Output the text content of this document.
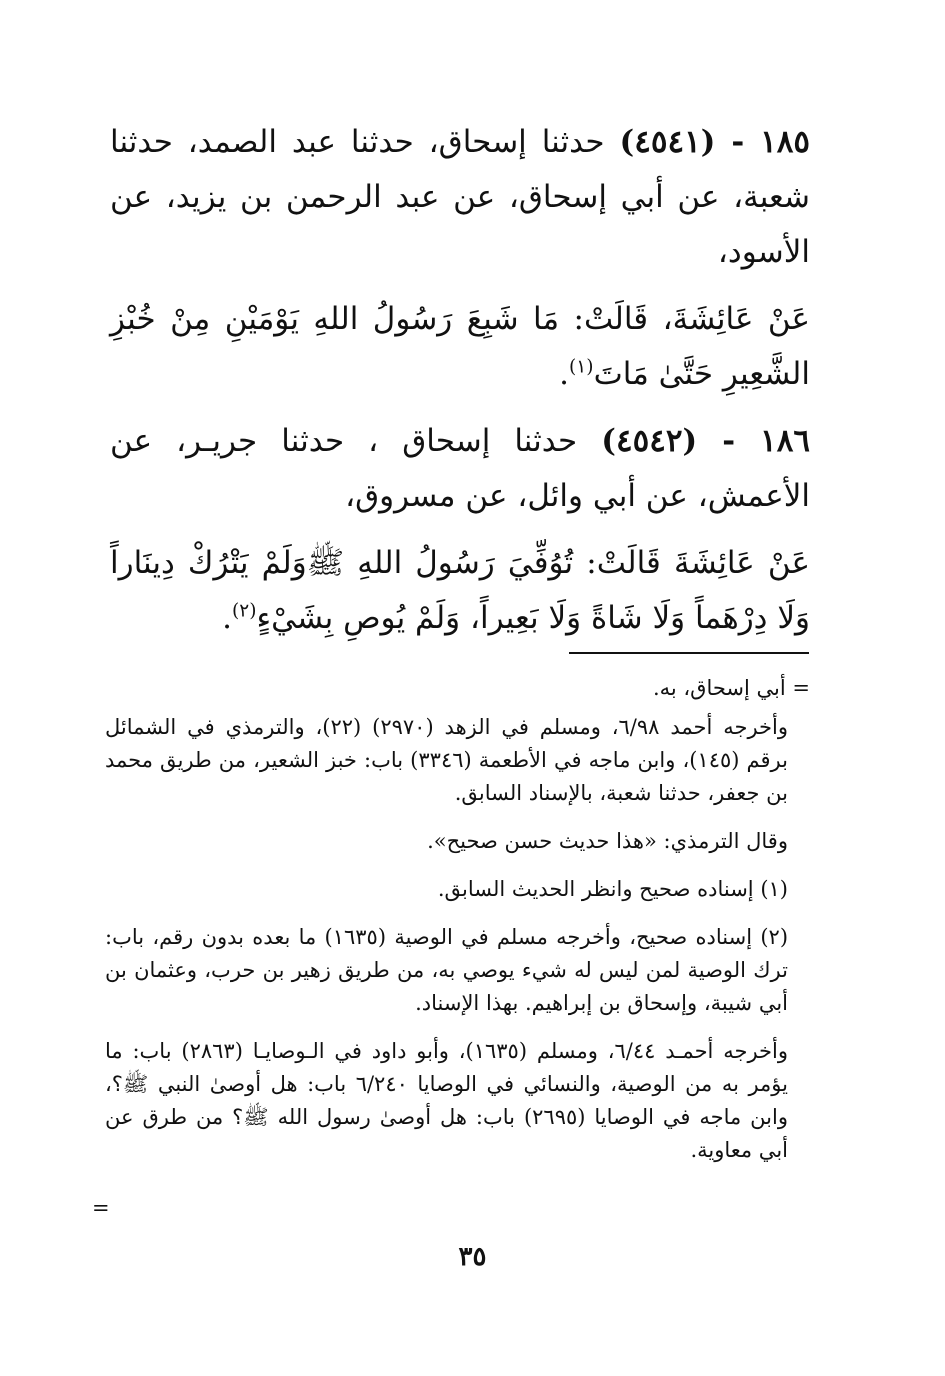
١٨٥ - (٤٥٤١) حدثنا إسحاق، حدثنا عبد الصمد، حدثنا شعبة، عن أبي إسحاق، عن عبد الرحمن بن يزيد، عن الأسود،

عَنْ عَائِشَةَ، قَالَتْ: مَا شَبِعَ رَسُولُ اللهِ يَوْمَيْنِ مِنْ خُبْزِ الشَّعِيرِ حَتَّىٰ مَاتَ$^{(١)}$.

١٨٦ - (٤٥٤٢) حدثنا إسحاق ، حدثنا جريـر، عن الأعمش، عن أبي وائل، عن مسروق،

عَنْ عَائِشَةَ قَالَتْ: تُوُفِّيَ رَسُولُ اللهِ ﷺوَلَمْ يَتْرُكْ دِينَاراً وَلَا دِرْهَماً وَلَا شَاةً وَلَا بَعِيراً، وَلَمْ يُوصِ بِشَيْءٍ$^{(٢)}$.

= أبي إسحاق، به.

وأخرجه أحمد ٦/٩٨، ومسلم في الزهد (٢٩٧٠) (٢٢)، والترمذي في الشمائل برقم (١٤٥)، وابن ماجه في الأطعمة (٣٣٤٦) باب: خبز الشعير، من طريق محمد بن جعفر، حدثنا شعبة، بالإسناد السابق.

وقال الترمذي: «هذا حديث حسن صحيح».

(١) إسناده صحيح وانظر الحديث السابق.

(٢) إسناده صحيح، وأخرجه مسلم في الوصية (١٦٣٥) ما بعده بدون رقم، باب: ترك الوصية لمن ليس له شيء يوصي به، من طريق زهير بن حرب، وعثمان بن أبي شيبة، وإسحاق بن إبراهيم. بهذا الإسناد.

وأخرجه أحمـد ٦/٤٤، ومسلم (١٦٣٥)، وأبو داود في الـوصايـا (٢٨٦٣) باب: ما يؤمر به من الوصية، والنسائي في الوصايا ٦/٢٤٠ باب: هل أوصىٰ النبي ﷺ؟، وابن ماجه في الوصايا (٢٦٩٥) باب: هل أوصىٰ رسول الله ﷺ؟ من طرق عن أبي معاوية.

=
٣٥
